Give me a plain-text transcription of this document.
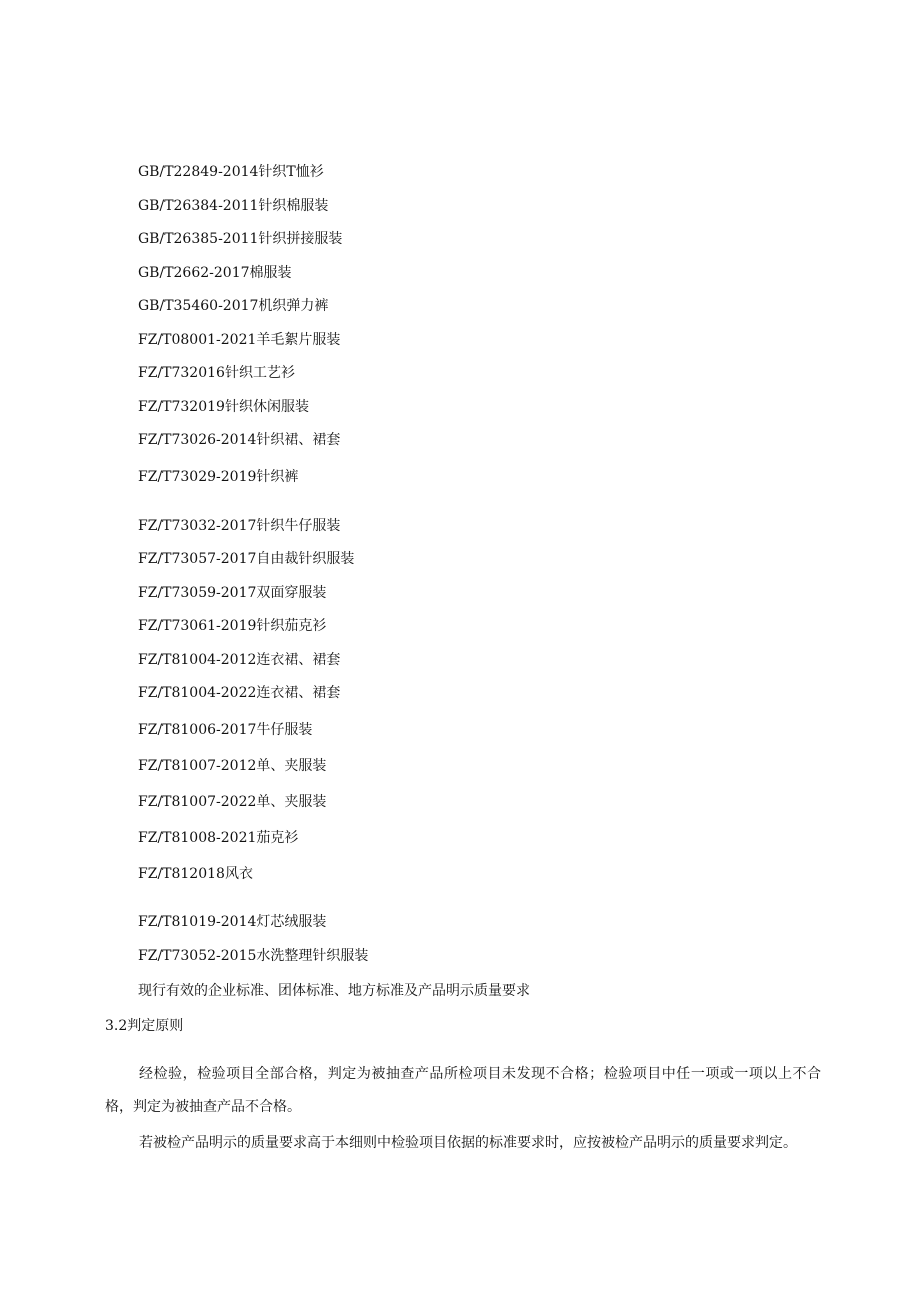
GB/T22849-2014针织T恤衫
GB/T26384-2011针织棉服装
GB/T26385-2011针织拼接服装
GB/T2662-2017棉服装
GB/T35460-2017机织弹力裤
FZ/T08001-2021羊毛絮片服装
FZ/T732016针织工艺衫
FZ/T732019针织休闲服装
FZ/T73026-2014针织裙、裙套
FZ/T73029-2019针织裤
FZ/T73032-2017针织牛仔服装
FZ/T73057-2017自由裁针织服装
FZ/T73059-2017双面穿服装
FZ/T73061-2019针织茄克衫
FZ/T81004-2012连衣裙、裙套
FZ/T81004-2022连衣裙、裙套
FZ/T81006-2017牛仔服装
FZ/T81007-2012单、夹服装
FZ/T81007-2022单、夹服装
FZ/T81008-2021茄克衫
FZ/T812018风衣
FZ/T81019-2014灯芯绒服装
FZ/T73052-2015水洗整理针织服装
现行有效的企业标准、团体标准、地方标准及产品明示质量要求
3.2判定原则
经检验，检验项目全部合格，判定为被抽查产品所检项目未发现不合格；检验项目中任一项或一项以上不合格，判定为被抽查产品不合格。
若被检产品明示的质量要求高于本细则中检验项目依据的标准要求时，应按被检产品明示的质量要求判定。
